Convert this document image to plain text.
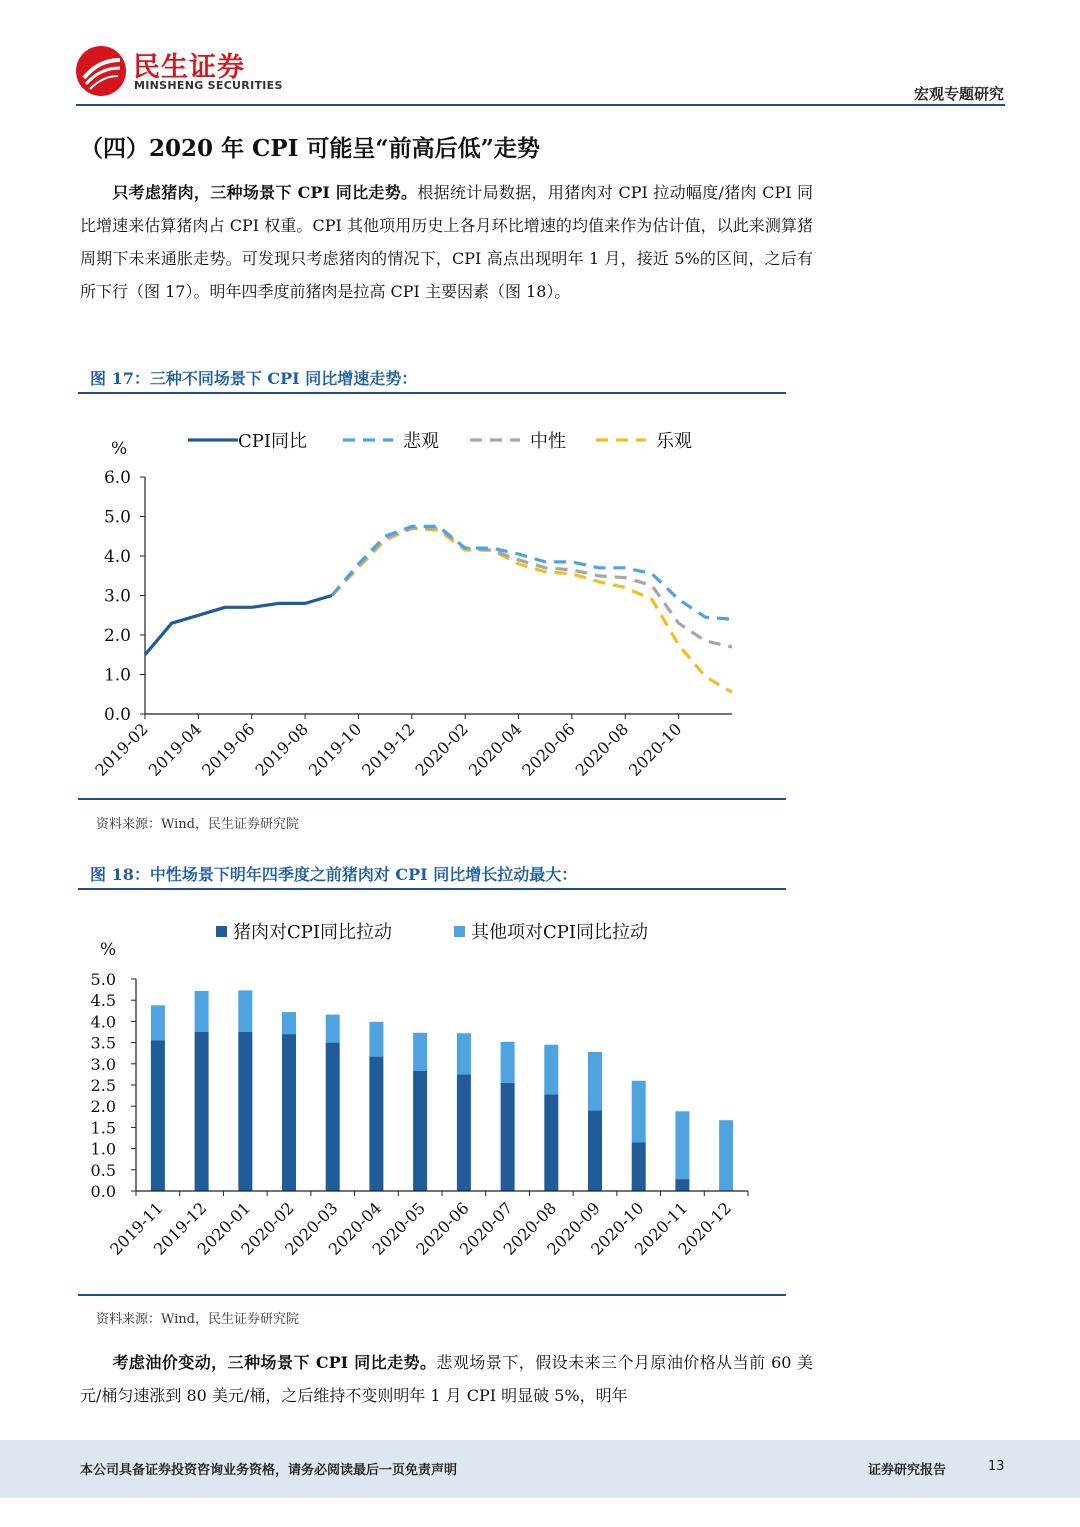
民生证券
MINSHENG SECURITIES	宏观专题研究
（四）2020 年 CPI 可能呈“前高后低”走势
只考虑猪肉，三种场景下 CPI 同比走势。根据统计局数据，用猪肉对 CPI 拉动幅度/猪肉 CPI 同比增速来估算猪肉占 CPI 权重。CPI 其他项用历史上各月环比增速的均值来作为估计值，以此来测算猪周期下未来通胀走势。可发现只考虑猪肉的情况下，CPI 高点出现明年 1 月，接近 5%的区间，之后有所下行（图 17）。明年四季度前猪肉是拉高 CPI 主要因素（图 18）。
图 17：三种不同场景下 CPI 同比增速走势：
0.0
1.0
2.0
3.0
4.0
5.0
6.0
%
2019-02
2019-04
2019-06
2019-08
2019-10
2019-12
2020-02
2020-04
2020-06
2020-08
2020-10
CPI同比	悲观	中性	乐观
资料来源：Wind，民生证券研究院
图 18：中性场景下明年四季度之前猪肉对 CPI 同比增长拉动最大：
2019-11
2019-12
2020-01
2020-02
2020-03
2020-04
2020-05
2020-06
2020-07
2020-08
2020-09
2020-10
2020-11
2020-12
0.0
0.5
1.0
1.5
2.0
2.5
3.0
3.5
4.0
4.5
5.0
%
猪肉对CPI同比拉动	其他项对CPI同比拉动
资料来源：Wind，民生证券研究院
考虑油价变动，三种场景下 CPI 同比走势。悲观场景下，假设未来三个月原油价格从当前 60 美元/桶匀速涨到 80 美元/桶，之后维持不变则明年 1 月 CPI 明显破 5%，明年
本公司具备证券投资咨询业务资格，请务必阅读最后一页免责声明	证券研究报告	13
